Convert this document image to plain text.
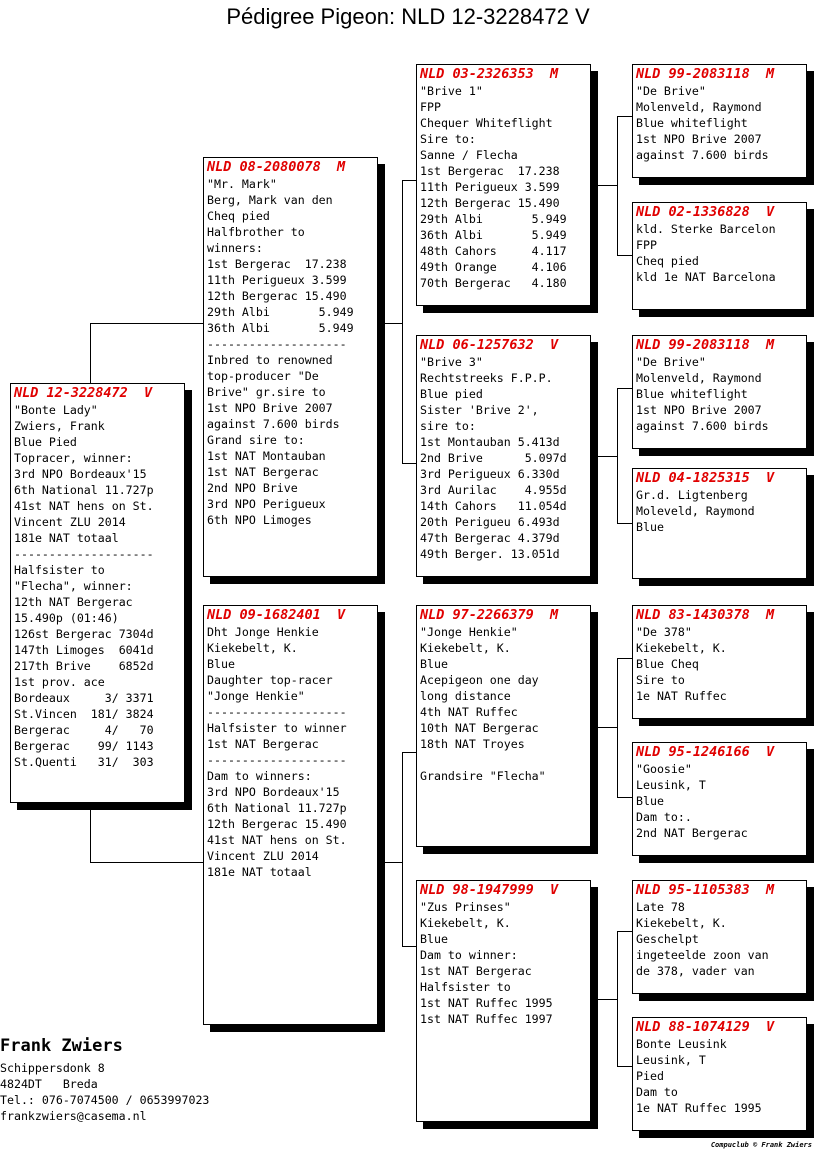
Pédigree Pigeon: NLD 12-3228472 V
NLD 12-3228472  V
"Bonte Lady"
Zwiers, Frank
Blue Pied
Topracer, winner:
3rd NPO Bordeaux'15
6th National 11.727p
41st NAT hens on St.
Vincent ZLU 2014
181e NAT totaal
--------------------
Halfsister to
"Flecha", winner:
12th NAT Bergerac
15.490p (01:46)
126st Bergerac 7304d
147th Limoges  6041d
217th Brive    6852d
1st prov. ace
Bordeaux     3/ 3371
St.Vincen  181/ 3824
Bergerac     4/   70
Bergerac    99/ 1143
St.Quenti   31/  303
NLD 08-2080078  M
"Mr. Mark"
Berg, Mark van den
Cheq pied
Halfbrother to
winners:
1st Bergerac  17.238
11th Perigueux 3.599
12th Bergerac 15.490
29th Albi       5.949
36th Albi       5.949
--------------------
Inbred to renowned
top-producer "De
Brive" gr.sire to
1st NPO Brive 2007
against 7.600 birds
Grand sire to:
1st NAT Montauban
1st NAT Bergerac
2nd NPO Brive
3rd NPO Perigueux
6th NPO Limoges
NLD 09-1682401  V
Dht Jonge Henkie
Kiekebelt, K.
Blue
Daughter top-racer
"Jonge Henkie"
--------------------
Halfsister to winner
1st NAT Bergerac
--------------------
Dam to winners:
3rd NPO Bordeaux'15
6th National 11.727p
12th Bergerac 15.490
41st NAT hens on St.
Vincent ZLU 2014
181e NAT totaal
NLD 03-2326353  M
"Brive 1"
FPP
Chequer Whiteflight
Sire to:
Sanne / Flecha
1st Bergerac  17.238
11th Perigueux 3.599
12th Bergerac 15.490
29th Albi       5.949
36th Albi       5.949
48th Cahors     4.117
49th Orange     4.106
70th Bergerac   4.180
NLD 06-1257632  V
"Brive 3"
Rechtstreeks F.P.P.
Blue pied
Sister 'Brive 2',
sire to:
1st Montauban 5.413d
2nd Brive      5.097d
3rd Perigueux 6.330d
3rd Aurilac    4.955d
14th Cahors   11.054d
20th Perigueu 6.493d
47th Bergerac 4.379d
49th Berger. 13.051d
NLD 97-2266379  M
"Jonge Henkie"
Kiekebelt, K.
Blue
Acepigeon one day
long distance
4th NAT Ruffec
10th NAT Bergerac
18th NAT Troyes

Grandsire "Flecha"
NLD 98-1947999  V
"Zus Prinses"
Kiekebelt, K.
Blue
Dam to winner:
1st NAT Bergerac
Halfsister to
1st NAT Ruffec 1995
1st NAT Ruffec 1997
NLD 99-2083118  M
"De Brive"
Molenveld, Raymond
Blue whiteflight
1st NPO Brive 2007
against 7.600 birds
NLD 02-1336828  V
kld. Sterke Barcelon
FPP
Cheq pied
kld 1e NAT Barcelona
NLD 99-2083118  M
"De Brive"
Molenveld, Raymond
Blue whiteflight
1st NPO Brive 2007
against 7.600 birds
NLD 04-1825315  V
Gr.d. Ligtenberg
Moleveld, Raymond
Blue
NLD 83-1430378  M
"De 378"
Kiekebelt, K.
Blue Cheq
Sire to
1e NAT Ruffec
NLD 95-1246166  V
"Goosie"
Leusink, T
Blue
Dam to:.
2nd NAT Bergerac
NLD 95-1105383  M
Late 78
Kiekebelt, K.
Geschelpt
ingeteelde zoon van
de 378, vader van
NLD 88-1074129  V
Bonte Leusink
Leusink, T
Pied
Dam to
1e NAT Ruffec 1995
Frank Zwiers
Schippersdonk 8
4824DT   Breda
Tel.: 076-7074500 / 0653997023
frankzwiers@casema.nl
Compuclub © Frank Zwiers
